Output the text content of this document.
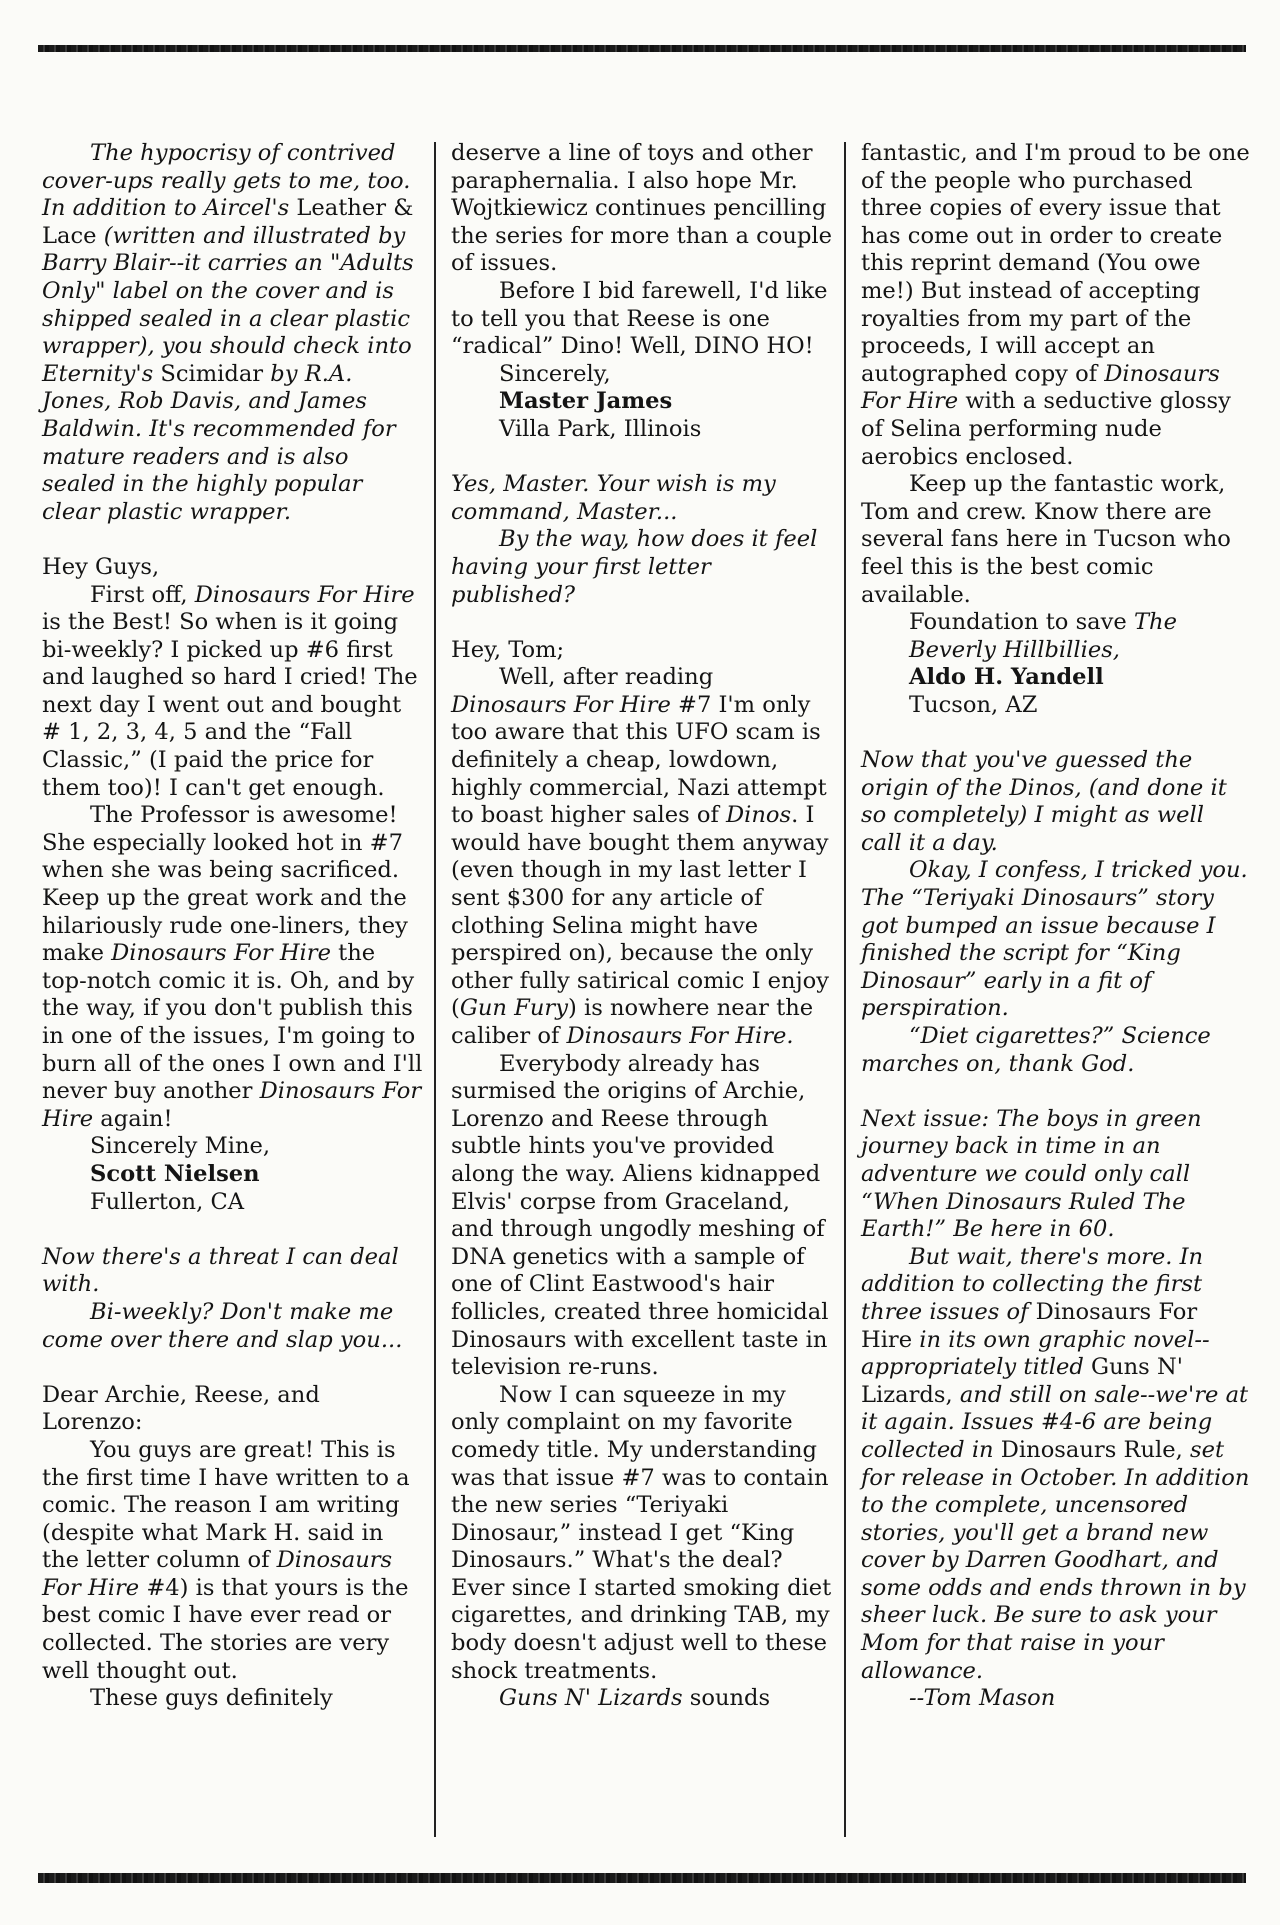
The hypocrisy of contrived cover-ups really gets to me, too. In addition to Aircel's Leather & Lace (written and illustrated by Barry Blair--it carries an "Adults Only" label on the cover and is shipped sealed in a clear plastic wrapper), you should check into Eternity's Scimidar by R.A. Jones, Rob Davis, and James Baldwin. It's recommended for mature readers and is also sealed in the highly popular clear plastic wrapper.

Hey Guys,

First off, Dinosaurs For Hire is the Best! So when is it going bi-weekly? I picked up #6 first and laughed so hard I cried! The next day I went out and bought # 1, 2, 3, 4, 5 and the “Fall Classic,” (I paid the price for them too)! I can't get enough.

The Professor is awesome! She especially looked hot in #7 when she was being sacrificed. Keep up the great work and the hilariously rude one-liners, they make Dinosaurs For Hire the top-notch comic it is. Oh, and by the way, if you don't publish this in one of the issues, I'm going to burn all of the ones I own and I'll never buy another Dinosaurs For Hire again!

Sincerely Mine,

Scott Nielsen

Fullerton, CA

Now there's a threat I can deal with.

Bi-weekly? Don't make me come over there and slap you...

Dear Archie, Reese, and Lorenzo:

You guys are great! This is the first time I have written to a comic. The reason I am writing (despite what Mark H. said in the letter column of Dinosaurs For Hire #4) is that yours is the best comic I have ever read or collected. The stories are very well thought out.

These guys definitely

deserve a line of toys and other paraphernalia. I also hope Mr. Wojtkiewicz continues pencilling the series for more than a couple of issues.

Before I bid farewell, I'd like to tell you that Reese is one “radical” Dino! Well, DINO HO!

Sincerely,

Master James

Villa Park, Illinois

Yes, Master. Your wish is my command, Master...

By the way, how does it feel having your first letter published?

Hey, Tom;

Well, after reading Dinosaurs For Hire #7 I'm only too aware that this UFO scam is definitely a cheap, lowdown, highly commercial, Nazi attempt to boast higher sales of Dinos. I would have bought them anyway (even though in my last letter I sent $300 for any article of clothing Selina might have perspired on), because the only other fully satirical comic I enjoy (Gun Fury) is nowhere near the caliber of Dinosaurs For Hire.

Everybody already has surmised the origins of Archie, Lorenzo and Reese through subtle hints you've provided along the way. Aliens kidnapped Elvis' corpse from Graceland, and through ungodly meshing of DNA genetics with a sample of one of Clint Eastwood's hair follicles, created three homicidal Dinosaurs with excellent taste in television re-runs.

Now I can squeeze in my only complaint on my favorite comedy title. My understanding was that issue #7 was to contain the new series “Teriyaki Dinosaur,” instead I get “King Dinosaurs.” What's the deal? Ever since I started smoking diet cigarettes, and drinking TAB, my body doesn't adjust well to these shock treatments.

Guns N' Lizards sounds

fantastic, and I'm proud to be one of the people who purchased three copies of every issue that has come out in order to create this reprint demand (You owe me!) But instead of accepting royalties from my part of the proceeds, I will accept an autographed copy of Dinosaurs For Hire with a seductive glossy of Selina performing nude aerobics enclosed.

Keep up the fantastic work, Tom and crew. Know there are several fans here in Tucson who feel this is the best comic available.

Foundation to save The Beverly Hillbillies,

Aldo H. Yandell

Tucson, AZ

Now that you've guessed the origin of the Dinos, (and done it so completely) I might as well call it a day.

Okay, I confess, I tricked you. The “Teriyaki Dinosaurs” story got bumped an issue because I finished the script for “King Dinosaur” early in a fit of perspiration.

“Diet cigarettes?” Science marches on, thank God.

Next issue: The boys in green journey back in time in an adventure we could only call “When Dinosaurs Ruled The Earth!” Be here in 60.

But wait, there's more. In addition to collecting the first three issues of Dinosaurs For Hire in its own graphic novel--appropriately titled Guns N' Lizards, and still on sale--we're at it again. Issues #4-6 are being collected in Dinosaurs Rule, set for release in October. In addition to the complete, uncensored stories, you'll get a brand new cover by Darren Goodhart, and some odds and ends thrown in by sheer luck. Be sure to ask your Mom for that raise in your allowance.

--Tom Mason
